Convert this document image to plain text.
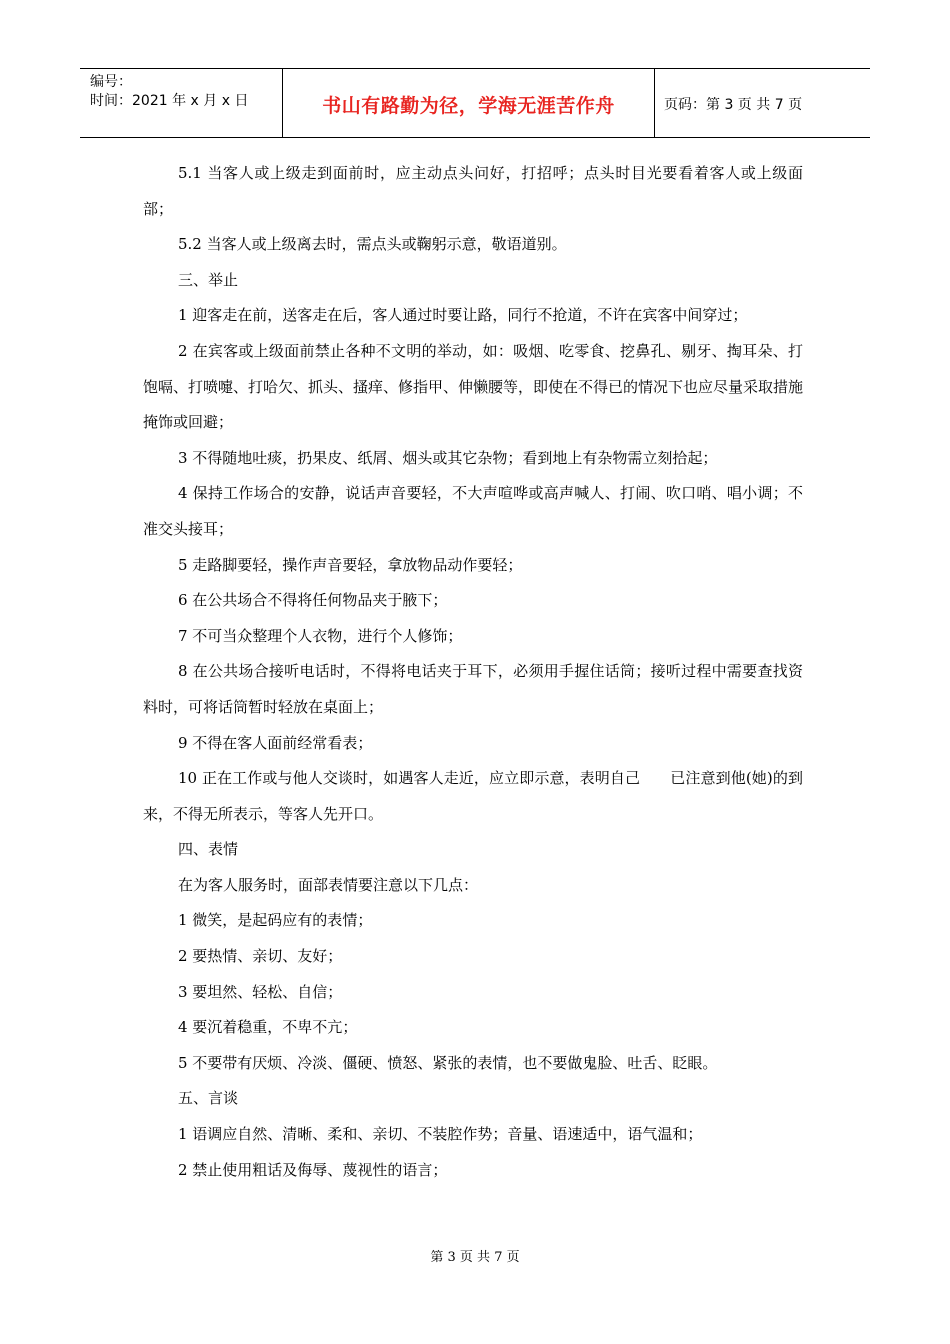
编号：
时间：2021 年 x 月 x 日	书山有路勤为径，学海无涯苦作舟	页码：第 3 页 共 7 页

5.1 当客人或上级走到面前时，应主动点头问好，打招呼；点头时目光要看着客人或上级面部；

5.2 当客人或上级离去时，需点头或鞠躬示意，敬语道别。

三、举止

1 迎客走在前，送客走在后，客人通过时要让路，同行不抢道，不许在宾客中间穿过；

2 在宾客或上级面前禁止各种不文明的举动，如：吸烟、吃零食、挖鼻孔、剔牙、掏耳朵、打饱嗝、打喷嚏、打哈欠、抓头、搔痒、修指甲、伸懒腰等，即使在不得已的情况下也应尽量采取措施掩饰或回避；

3 不得随地吐痰，扔果皮、纸屑、烟头或其它杂物；看到地上有杂物需立刻拾起；

4 保持工作场合的安静，说话声音要轻，不大声喧哗或高声喊人、打闹、吹口哨、唱小调；不准交头接耳；

5 走路脚要轻，操作声音要轻，拿放物品动作要轻；

6 在公共场合不得将任何物品夹于腋下；

7 不可当众整理个人衣物，进行个人修饰；

8 在公共场合接听电话时，不得将电话夹于耳下，必须用手握住话筒；接听过程中需要查找资料时，可将话筒暂时轻放在桌面上；

9 不得在客人面前经常看表；

10 正在工作或与他人交谈时，如遇客人走近，应立即示意，表明自己　　已注意到他(她)的到来，不得无所表示，等客人先开口。

四、表情

在为客人服务时，面部表情要注意以下几点：

1 微笑，是起码应有的表情；

2 要热情、亲切、友好；

3 要坦然、轻松、自信；

4 要沉着稳重，不卑不亢；

5 不要带有厌烦、冷淡、僵硬、愤怒、紧张的表情，也不要做鬼脸、吐舌、眨眼。

五、言谈

1 语调应自然、清晰、柔和、亲切、不装腔作势；音量、语速适中，语气温和；

2 禁止使用粗话及侮辱、蔑视性的语言；

第 3 页 共 7 页
